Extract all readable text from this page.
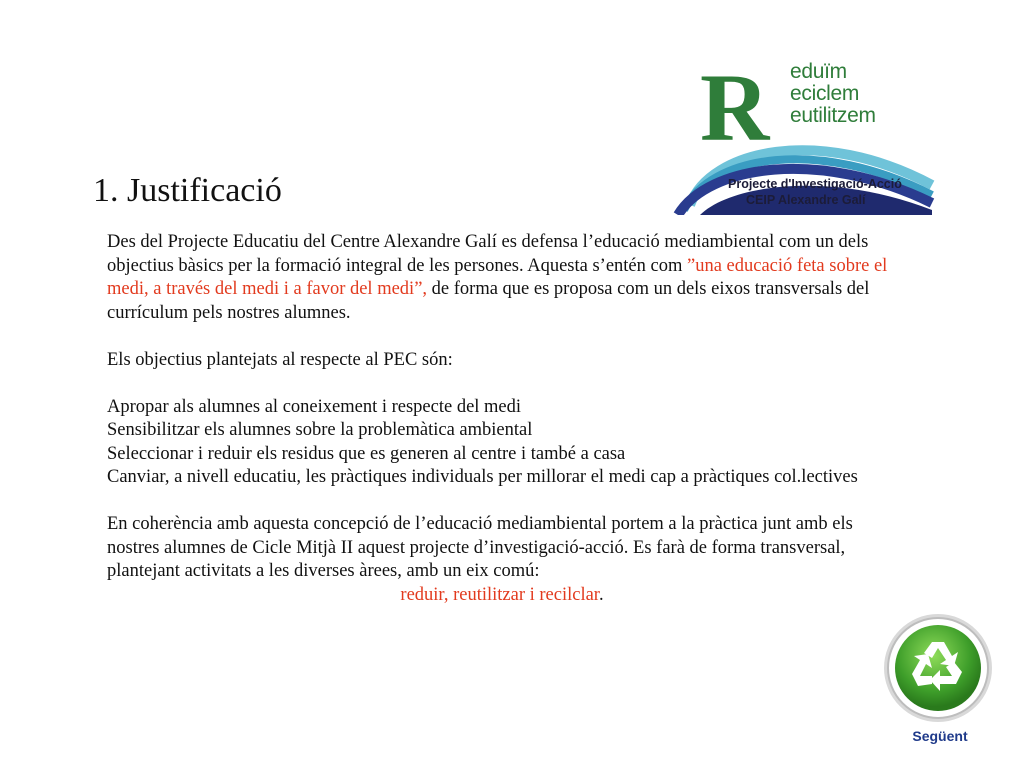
1. Justificació
R eduïm
eciclem
eutilitzem
Projecte d'Investigació-Acció
CEIP Alexandre Galí

Des del Projecte Educatiu del Centre Alexandre Galí es defensa l’educació mediambiental com un dels objectius bàsics per la formació integral de les persones. Aquesta s’entén com ”una educació feta sobre el medi, a través del medi i a favor del medi”, de forma que es proposa com un dels eixos transversals del currículum pels nostres alumnes.

Els objectius plantejats al respecte al PEC són:

Apropar als alumnes al coneixement i respecte del medi

Sensibilitzar els alumnes sobre la problemàtica ambiental

Seleccionar i reduir els residus que es generen al centre i també a casa

Canviar, a nivell educatiu, les pràctiques individuals per millorar el medi cap a pràctiques col.lectives

En coherència amb aquesta concepció de l’educació mediambiental portem a la pràctica junt amb els nostres alumnes de Cicle Mitjà II aquest projecte d’investigació-acció. Es farà de forma transversal, plantejant activitats a les diverses àrees, amb un eix comú:

reduir, reutilitzar i recilclar.

Següent
